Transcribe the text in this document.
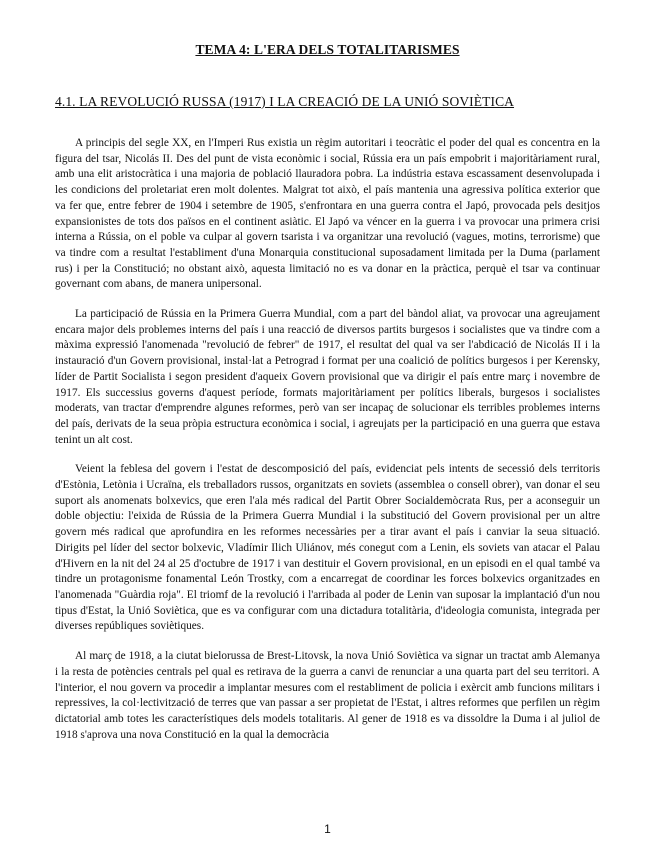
TEMA 4: L'ERA DELS TOTALITARISMES
4.1. LA REVOLUCIÓ RUSSA (1917) I LA CREACIÓ DE LA UNIÓ SOVIÈTICA

A principis del segle XX, en l'Imperi Rus existia un règim autoritari i teocràtic el poder del qual es concentra en la figura del tsar, Nicolás II. Des del punt de vista econòmic i social, Rússia era un país empobrit i majoritàriament rural, amb una elit aristocràtica i una majoria de població llauradora pobra. La indústria estava escassament desenvolupada i les condicions del proletariat eren molt dolentes. Malgrat tot això, el país mantenia una agressiva política exterior que va fer que, entre febrer de 1904 i setembre de 1905, s'enfrontara en una guerra contra el Japó, provocada pels desitjos expansionistes de tots dos països en el continent asiàtic. El Japó va véncer en la guerra i va provocar una primera crisi interna a Rússia, on el poble va culpar al govern tsarista i va organitzar una revolució (vagues, motins, terrorisme) que va tindre com a resultat l'establiment d'una Monarquia constitucional suposadament limitada per la Duma (parlament rus) i per la Constitució; no obstant això, aquesta limitació no es va donar en la pràctica, perquè el tsar va continuar governant com abans, de manera unipersonal.

La participació de Rússia en la Primera Guerra Mundial, com a part del bàndol aliat, va provocar una agreujament encara major dels problemes interns del país i una reacció de diversos partits burgesos i socialistes que va tindre com a màxima expressió l'anomenada "revolució de febrer" de 1917, el resultat del qual va ser l'abdicació de Nicolás II i la instauració d'un Govern provisional, instal·lat a Petrograd i format per una coalició de polítics burgesos i per Kerensky, líder de Partit Socialista i segon president d'aqueix Govern provisional que va dirigir el país entre març i novembre de 1917. Els successius governs d'aquest període, formats majoritàriament per polítics liberals, burgesos i socialistes moderats, van tractar d'emprendre algunes reformes, però van ser incapaç de solucionar els terribles problemes interns del país, derivats de la seua pròpia estructura econòmica i social, i agreujats per la participació en una guerra que estava tenint un alt cost.

Veient la feblesa del govern i l'estat de descomposició del país, evidenciat pels intents de secessió dels territoris d'Estònia, Letònia i Ucraïna, els treballadors russos, organitzats en soviets (assemblea o consell obrer), van donar el seu suport als anomenats bolxevics, que eren l'ala més radical del Partit Obrer Socialdemòcrata Rus, per a aconseguir un doble objectiu: l'eixida de Rússia de la Primera Guerra Mundial i la substitució del Govern provisional per un altre govern més radical que aprofundira en les reformes necessàries per a tirar avant el país i canviar la seua situació. Dirigits pel líder del sector bolxevic, Vladímir Ilich Uliánov, més conegut com a Lenin, els soviets van atacar el Palau d'Hivern en la nit del 24 al 25 d'octubre de 1917 i van destituir el Govern provisional, en un episodi en el qual també va tindre un protagonisme fonamental León Trostky, com a encarregat de coordinar les forces bolxevics organitzades en l'anomenada "Guàrdia roja". El triomf de la revolució i l'arribada al poder de Lenin van suposar la implantació d'un nou tipus d'Estat, la Unió Soviètica, que es va configurar com una dictadura totalitària, d'ideologia comunista, integrada per diverses repúbliques soviètiques.

Al març de 1918, a la ciutat bielorussa de Brest-Litovsk, la nova Unió Soviètica va signar un tractat amb Alemanya i la resta de potències centrals pel qual es retirava de la guerra a canvi de renunciar a una quarta part del seu territori. A l'interior, el nou govern va procedir a implantar mesures com el restabliment de policia i exèrcit amb funcions militars i repressives, la col·lectivització de terres que van passar a ser propietat de l'Estat, i altres reformes que perfilen un règim dictatorial amb totes les característiques dels models totalitaris. Al gener de 1918 es va dissoldre la Duma i al juliol de 1918 s'aprova una nova Constitució en la qual la democràcia

1
